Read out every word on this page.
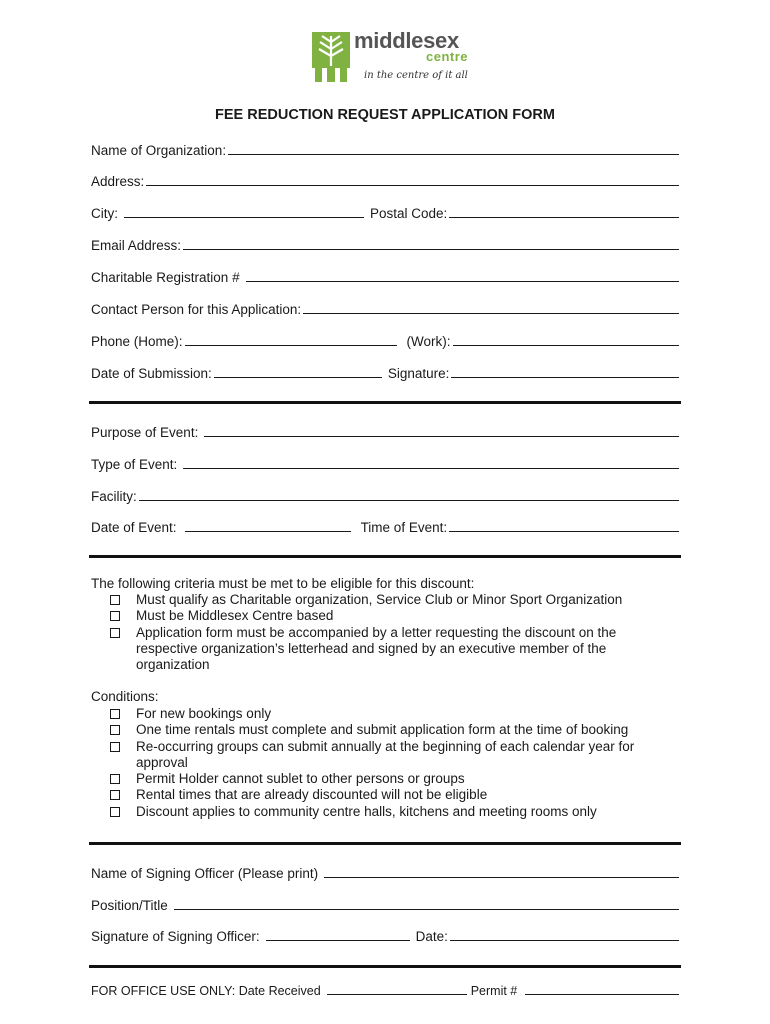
middlesex
centre
in the centre of it all
FEE REDUCTION REQUEST APPLICATION FORM
Name of Organization:
Address:
City:	Postal Code:
Email Address:
Charitable Registration #
Contact Person for this Application:
Phone (Home):	(Work):
Date of Submission:	Signature:
Purpose of Event:
Type of Event:
Facility:
Date of Event:	Time of Event:
The following criteria must be met to be eligible for this discount:
Must qualify as Charitable organization, Service Club or Minor Sport Organization
Must be Middlesex Centre based
Application form must be accompanied by a letter requesting the discount on the respective organization’s letterhead and signed by an executive member of the organization
Conditions:
For new bookings only
One time rentals must complete and submit application form at the time of booking
Re-occurring groups can submit annually at the beginning of each calendar year for approval
Permit Holder cannot sublet to other persons or groups
Rental times that are already discounted will not be eligible
Discount applies to community centre halls, kitchens and meeting rooms only
Name of Signing Officer (Please print)
Position/Title
Signature of Signing Officer:	Date:
FOR OFFICE USE ONLY: Date Received	Permit #
